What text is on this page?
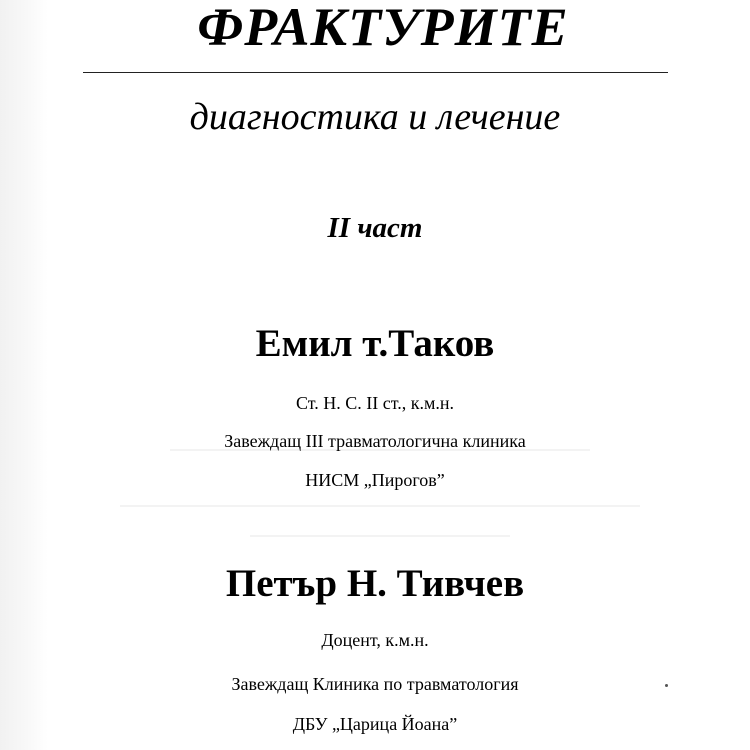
ФРАКТУРИТЕ
диагностика и лечение
II част
Емил т.Таков
Ст. Н. С. II ст., к.м.н.
Завеждащ III травматологична клиника
НИСМ „Пирогов”
Петър Н. Тивчев
Доцент, к.м.н.
Завеждащ Клиника по травматология
ДБУ „Царица Йоана”
